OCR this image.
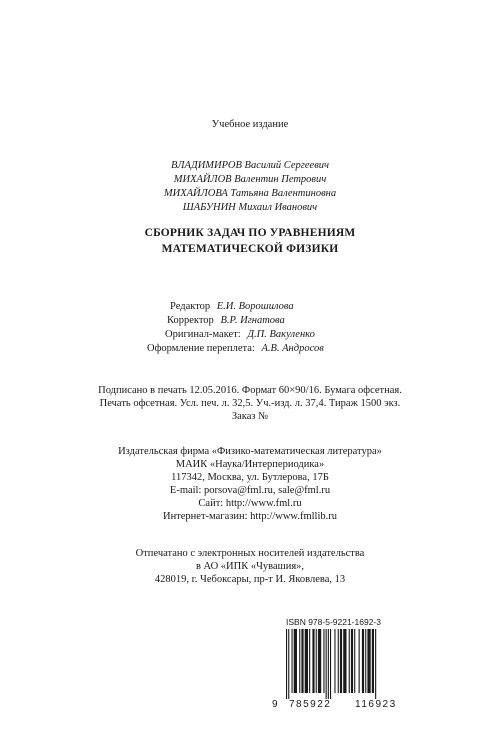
Учебное издание
ВЛАДИМИРОВ Василий Сергеевич
МИХАЙЛОВ Валентин Петрович
МИХАЙЛОВА Татьяна Валентиновна
ШАБУНИН Михаил Иванович
СБОРНИК ЗАДАЧ ПО УРАВНЕНИЯМ
МАТЕМАТИЧЕСКОЙ ФИЗИКИ
Редактор Е.И. Ворошилова
Корректор В.Р. Игнатова
Оригинал-макет: Д.П. Вакуленко
Оформление переплета: А.В. Андросов
Подписано в печать 12.05.2016. Формат 60×90/16. Бумага офсетная.
Печать офсетная. Усл. печ. л. 32,5. Уч.-изд. л. 37,4. Тираж 1500 экз.
Заказ №
Издательская фирма «Физико-математическая литература»
МАИК «Наука/Интерпериодика»
117342, Москва, ул. Бутлерова, 17Б
E-mail: porsova@fml.ru, sale@fml.ru
Сайт: http://www.fml.ru
Интернет-магазин: http://www.fmllib.ru
Отпечатано с электронных носителей издательства
в АО «ИПК «Чувашия»,
428019, г. Чебоксары, пр-т И. Яковлева, 13
ISBN 978-5-9221-1692-3
9 785922 116923
